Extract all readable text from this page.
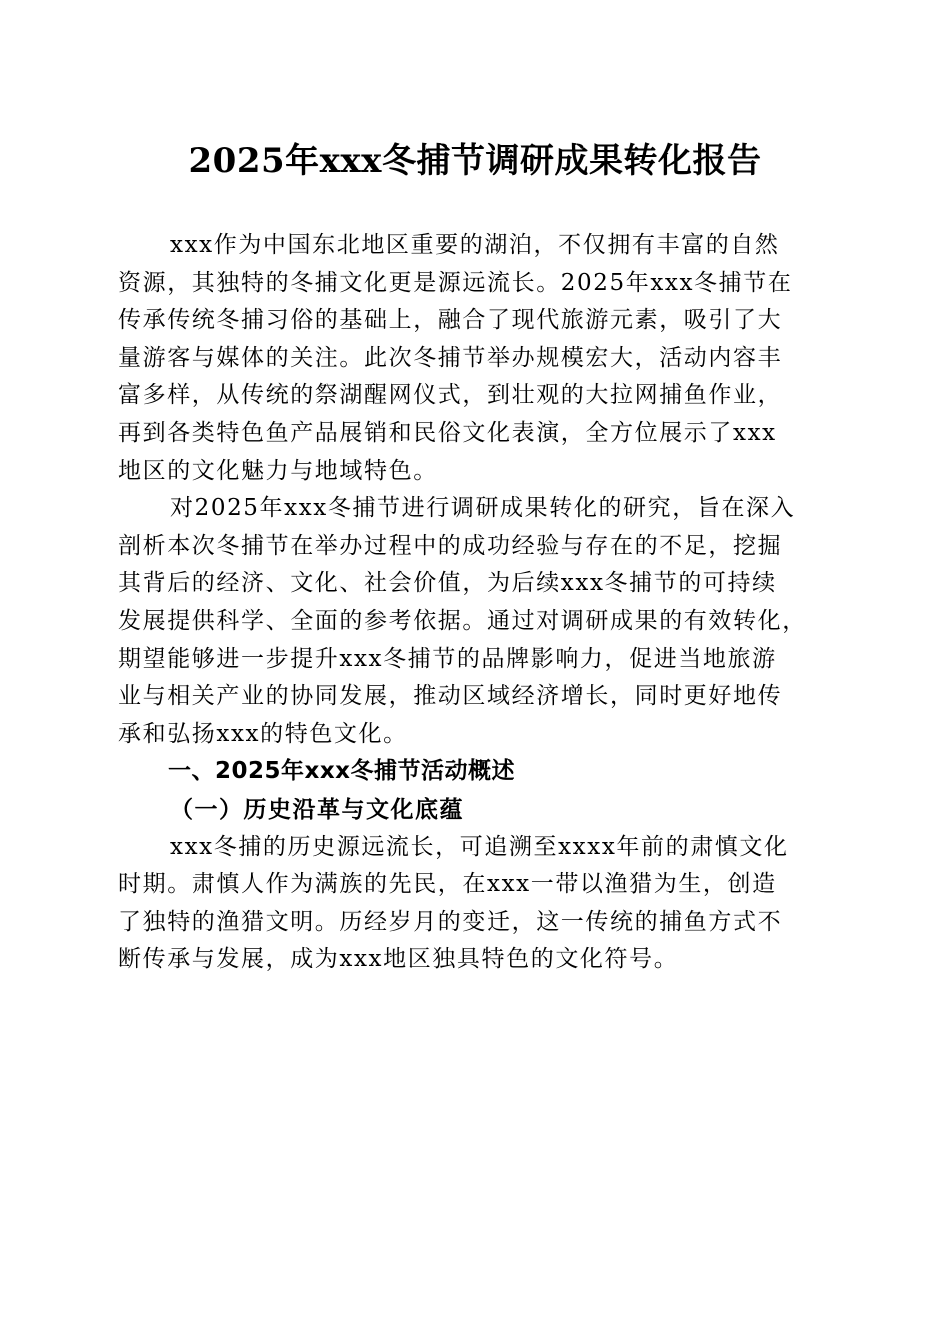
2025年xxx冬捕节调研成果转化报告
xxx作为中国东北地区重要的湖泊，不仅拥有丰富的自然
资源，其独特的冬捕文化更是源远流长。2025年xxx冬捕节在
传承传统冬捕习俗的基础上，融合了现代旅游元素，吸引了大
量游客与媒体的关注。此次冬捕节举办规模宏大，活动内容丰
富多样，从传统的祭湖醒网仪式，到壮观的大拉网捕鱼作业，
再到各类特色鱼产品展销和民俗文化表演，全方位展示了xxx
地区的文化魅力与地域特色。
对2025年xxx冬捕节进行调研成果转化的研究，旨在深入
剖析本次冬捕节在举办过程中的成功经验与存在的不足，挖掘
其背后的经济、文化、社会价值，为后续xxx冬捕节的可持续
发展提供科学、全面的参考依据。通过对调研成果的有效转化，
期望能够进一步提升xxx冬捕节的品牌影响力，促进当地旅游
业与相关产业的协同发展，推动区域经济增长，同时更好地传
承和弘扬xxx的特色文化。
一、2025年xxx冬捕节活动概述
（一）历史沿革与文化底蕴
xxx冬捕的历史源远流长，可追溯至xxxx年前的肃慎文化
时期。肃慎人作为满族的先民，在xxx一带以渔猎为生，创造
了独特的渔猎文明。历经岁月的变迁，这一传统的捕鱼方式不
断传承与发展，成为xxx地区独具特色的文化符号。
